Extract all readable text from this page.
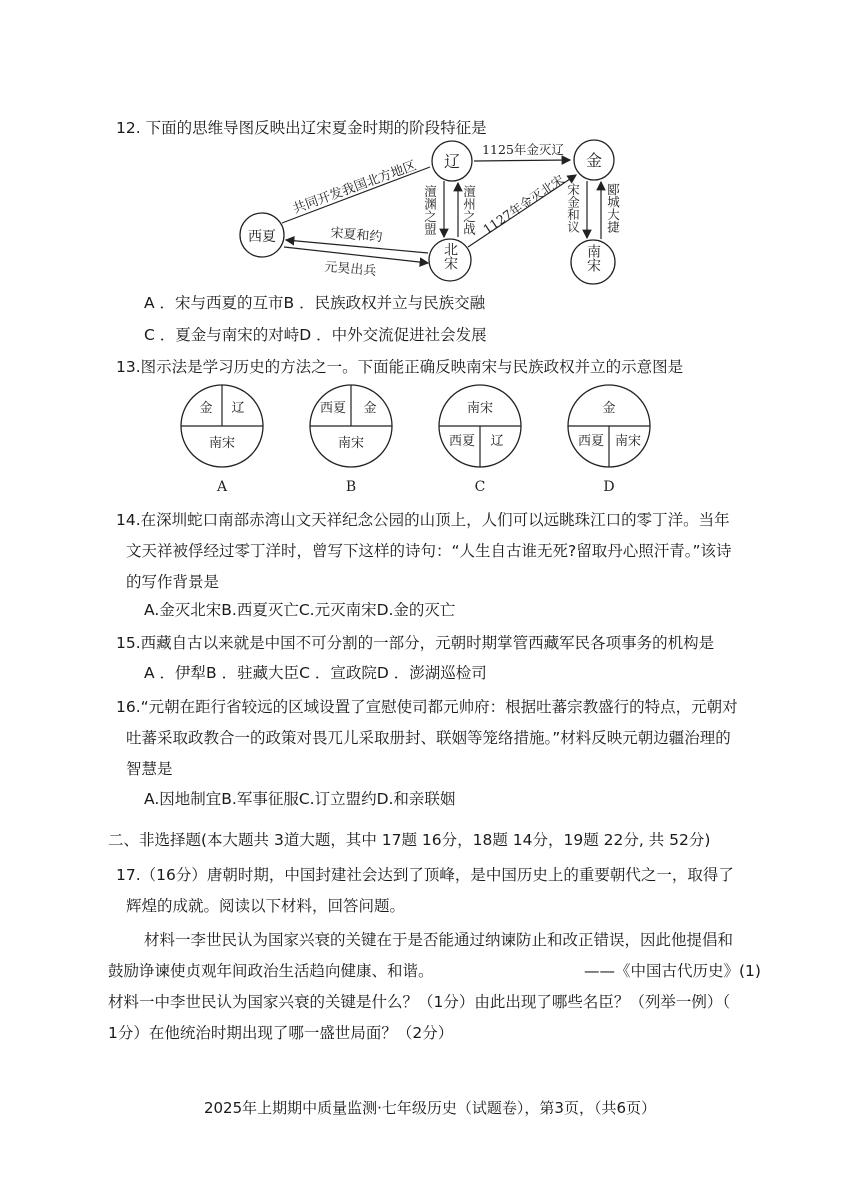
12. 下面的思维导图反映出辽宋夏金时期的阶段特征是
辽	金
西夏
北宋	南宋
1125年金灭辽
共同开发我国北方地区 澶渊之盟 澶州之战 1127年金灭北宋
宋金和议 郾城大捷
宋夏和约
元昊出兵
A ．宋与西夏的互市B ．民族政权并立与民族交融
C ．夏金与南宋的对峙D ．中外交流促进社会发展
13.图示法是学习历史的方法之一。下面能正确反映南宋与民族政权并立的示意图是
金 辽
南宋
A
西夏 金
南宋
B
南宋
西夏 辽
C
金
西夏 南宋
D
14.在深圳蛇口南部赤湾山文天祥纪念公园的山顶上，人们可以远眺珠江口的零丁洋。当年
文天祥被俘经过零丁洋时，曾写下这样的诗句：“人生自古谁无死?留取丹心照汗青。”该诗
的写作背景是
A.金灭北宋B.西夏灭亡C.元灭南宋D.金的灭亡
15.西藏自古以来就是中国不可分割的一部分，元朝时期掌管西藏军民各项事务的机构是
A ．伊犁B ．驻藏大臣C ．宣政院D ．澎湖巡检司
16.“元朝在距行省较远的区域设置了宣慰使司都元帅府：根据吐蕃宗教盛行的特点，元朝对
吐蕃采取政教合一的政策对畏兀儿采取册封、联姻等笼络措施。”材料反映元朝边疆治理的
智慧是
A.因地制宜B.军事征服C.订立盟约D.和亲联姻
二、非选择题(本大题共 3道大题，其中 17题 16分，18题 14分，19题 22分, 共 52分)
17.（16分）唐朝时期，中国封建社会达到了顶峰，是中国历史上的重要朝代之一，取得了
辉煌的成就。阅读以下材料，回答问题。
材料一李世民认为国家兴衰的关键在于是否能通过纳谏防止和改正错误，因此他提倡和
鼓励诤谏使贞观年间政治生活趋向健康、和谐。	——《中国古代历史》(1)
材料一中李世民认为国家兴衰的关键是什么？（1分）由此出现了哪些名臣？（列举一例）（
1分）在他统治时期出现了哪一盛世局面？（2分）
2025年上期期中质量监测·七年级历史（试题卷），第3页，（共6页）
